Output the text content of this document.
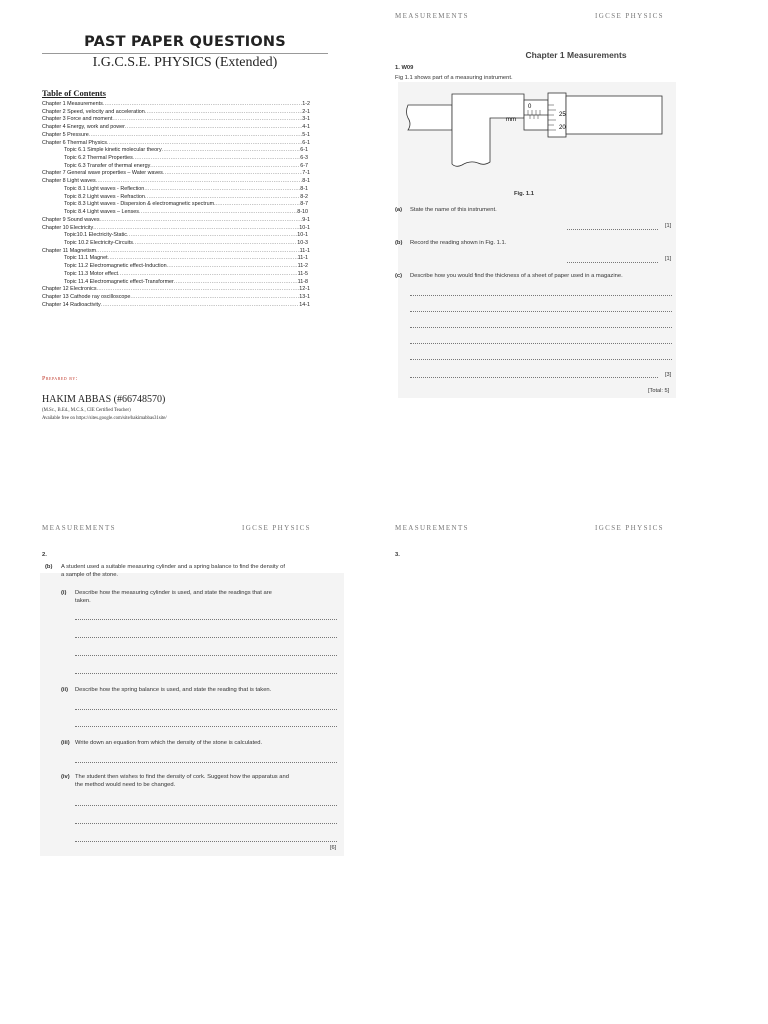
PAST PAPER QUESTIONS
I.G.C.S.E. PHYSICS (Extended)
Table of Contents
Chapter 1 Measurements .....	1-2
Chapter 2 Speed, velocity and acceleration .....	2-1
Chapter 3 Force and moment .....	3-1
Chapter 4 Energy, work and power .....	4-1
Chapter 5 Pressure .....	5-1
Chapter 6 Thermal Physics .....	6-1
Topic 6.1 Simple kinetic molecular theory .....	6-1
Topic 6.2 Thermal Properties .....	6-3
Topic 6.3 Transfer of thermal energy .....	6-7
Chapter 7 General wave properties – Water waves .....	7-1
Chapter 8 Light waves .....	8-1
Topic 8.1 Light waves - Reflection .....	8-1
Topic 8.2 Light waves - Refraction .....	8-2
Topic 8.3 Light waves - Dispersion & electromagnetic spectrum. .....	8-7
Topic 8.4 Light waves – Lenses .....	8-10
Chapter 9 Sound waves .....	9-1
Chapter 10 Electricity .....	10-1
Topic10.1 Electricity-Static .....	10-1
Topic 10.2 Electricity-Circuits .....	10-3
Chapter 11 Magnetism .....	11-1
Topic 11.1 Magnet .....	11-1
Topic 11.2 Electromagnetic effect-Induction .....	11-2
Topic 11.3 Motor effect .....	11-5
Topic 11.4 Electromagnetic effect-Transformer .....	11-8
Chapter 12 Electronics .....	12-1
Chapter 13 Cathode ray oscilloscope .....	13-1
Chapter 14 Radioactivity .....	14-1
Prepared by:
HAKIM ABBAS (#66748570)
(M.Sc., B.Ed., M.C.S., CIE Certified Teacher)
Available free on https://sites.google.com/site/hakimabbas31site/
MEASUREMENTS	IGCSE PHYSICS
Chapter 1 Measurements
1. W09
Fig 1.1 shows part of a measuring instrument.
0
mm
25
20
Fig. 1.1
(a) State the name of this instrument.
[1]
(b) Record the reading shown in Fig. 1.1.
[1]
(c) Describe how you would find the thickness of a sheet of paper used in a magazine.
[3]
[Total: 5]
MEASUREMENTS	IGCSE PHYSICS
2.
(b) A student used a suitable measuring cylinder and a spring balance to find the density of
a sample of the stone.
(i) Describe how the measuring cylinder is used, and state the readings that are
taken.
(ii) Describe how the spring balance is used, and state the reading that is taken.
(iii) Write down an equation from which the density of the stone is calculated.
(iv) The student then wishes to find the density of cork. Suggest how the apparatus and
the method would need to be changed.
[6]
MEASUREMENTS	IGCSE PHYSICS
3.
